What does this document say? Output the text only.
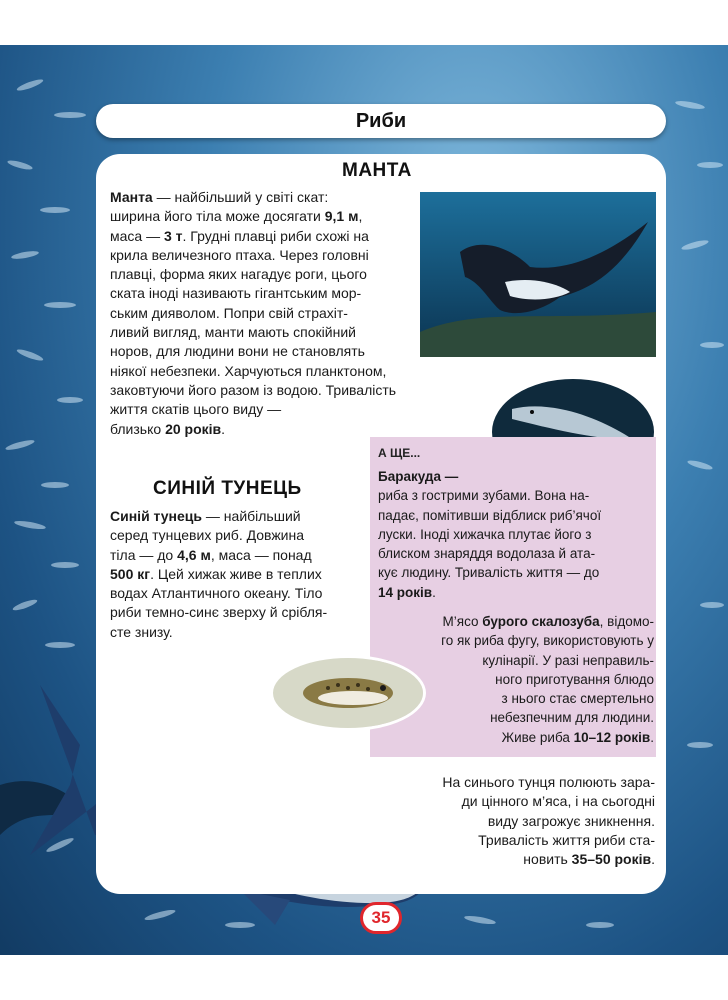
Риби
МАНТА
Манта — найбільший у світі скат:
ширина його тіла може досягати 9,1 м,
маса — 3 т. Грудні плавці риби схожі на
крила величезного птаха. Через головні
плавці, форма яких нагадує роги, цього
ската іноді називають гігантським мор-
ським дияволом. Попри свій страхіт-
ливий вигляд, манти мають спокійний
норов, для людини вони не становлять
ніякої небезпеки. Харчуються планктоном,
заковтуючи його разом із водою. Тривалість
життя скатів цього виду —
близько 20 років.
А ЩЕ...
Баракуда —
риба з гострими зубами. Вона на-
падає, помітивши відблиск риб’ячої
луски. Іноді хижачка плутає його з
блиском знаряддя водолаза й ата-
кує людину. Тривалість життя — до
14 років.
М’ясо бурого скалозуба, відомо-
го як риба фугу, використовують у
кулінарії. У разі неправиль-
ного приготування блюдо
з нього стає смертельно
небезпечним для людини.
Живе риба 10–12 років.
СИНІЙ ТУНЕЦЬ
Синій тунець — найбільший
серед тунцевих риб. Довжина
тіла — до 4,6 м, маса — понад
500 кг. Цей хижак живе в теплих
водах Атлантичного океану. Тіло
риби темно-синє зверху й срібля-
сте знизу.
На синього тунця полюють зара-
ди цінного м’яса, і на сьогодні
виду загрожує зникнення.
Тривалість життя риби ста-
новить 35–50 років.
35
